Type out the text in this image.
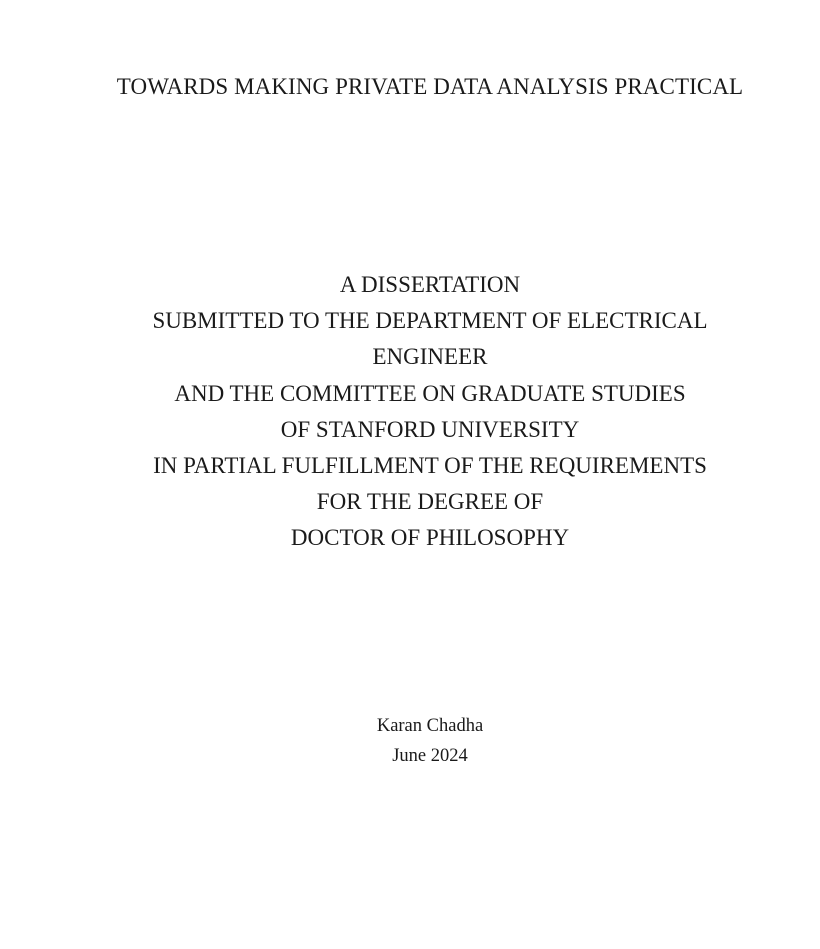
TOWARDS MAKING PRIVATE DATA ANALYSIS PRACTICAL
A DISSERTATION
SUBMITTED TO THE DEPARTMENT OF ELECTRICAL
ENGINEER
AND THE COMMITTEE ON GRADUATE STUDIES
OF STANFORD UNIVERSITY
IN PARTIAL FULFILLMENT OF THE REQUIREMENTS
FOR THE DEGREE OF
DOCTOR OF PHILOSOPHY
Karan Chadha
June 2024
